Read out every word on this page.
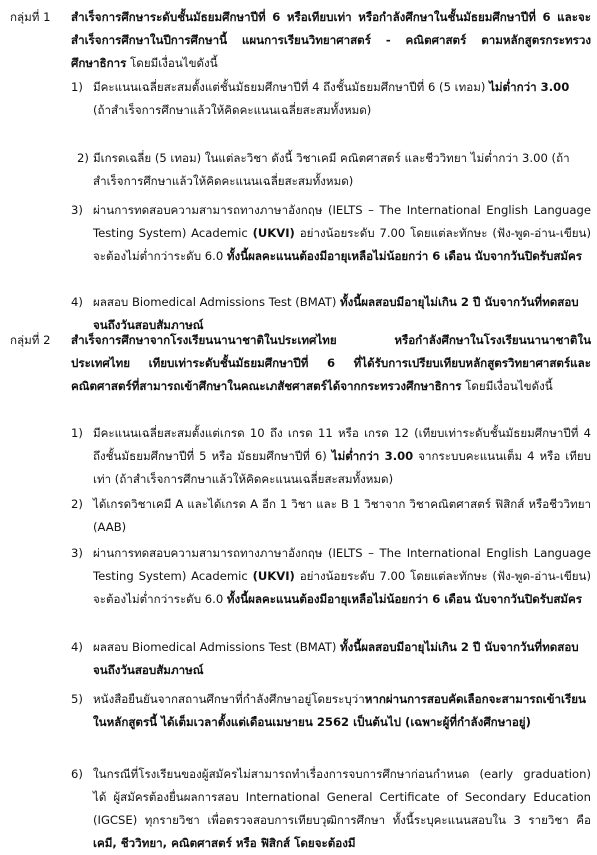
กลุ่มที่ 1	สำเร็จการศึกษาระดับชั้นมัธยมศึกษาปีที่ 6 หรือเทียบเท่า หรือกำลังศึกษาในชั้นมัธยมศึกษาปีที่ 6 และจะสำเร็จการศึกษาในปีการศึกษานี้ แผนการเรียนวิทยาศาสตร์ - คณิตศาสตร์ ตามหลักสูตรกระทรวงศึกษาธิการ โดยมีเงื่อนไขดังนี้
1) มีคะแนนเฉลี่ยสะสมตั้งแต่ชั้นมัธยมศึกษาปีที่ 4 ถึงชั้นมัธยมศึกษาปีที่ 6 (5 เทอม) ไม่ต่ำกว่า 3.00
(ถ้าสำเร็จการศึกษาแล้วให้คิดคะแนนเฉลี่ยสะสมทั้งหมด)
2) มีเกรดเฉลี่ย (5 เทอม) ในแต่ละวิชา ดังนี้ วิชาเคมี คณิตศาสตร์ และชีววิทยา ไม่ต่ำกว่า 3.00 (ถ้าสำเร็จการศึกษาแล้วให้คิดคะแนนเฉลี่ยสะสมทั้งหมด)
3) ผ่านการทดสอบความสามารถทางภาษาอังกฤษ (IELTS – The International English Language Testing System) Academic (UKVI) อย่างน้อยระดับ 7.00 โดยแต่ละทักษะ (ฟัง-พูด-อ่าน-เขียน) จะต้องไม่ต่ำกว่าระดับ 6.0 ทั้งนี้ผลคะแนนต้องมีอายุเหลือไม่น้อยกว่า 6 เดือน นับจากวันปิดรับสมัคร
4) ผลสอบ Biomedical Admissions Test (BMAT) ทั้งนี้ผลสอบมีอายุไม่เกิน 2 ปี นับจากวันที่ทดสอบจนถึงวันสอบสัมภาษณ์
กลุ่มที่ 2	สำเร็จการศึกษาจากโรงเรียนนานาชาติในประเทศไทย หรือกำลังศึกษาในโรงเรียนนานาชาติในประเทศไทย เทียบเท่าระดับชั้นมัธยมศึกษาปีที่ 6 ที่ได้รับการเปรียบเทียบหลักสูตรวิทยาศาสตร์และคณิตศาสตร์ที่สามารถเข้าศึกษาในคณะเภสัชศาสตร์ได้จากกระทรวงศึกษาธิการ โดยมีเงื่อนไขดังนี้
1) มีคะแนนเฉลี่ยสะสมตั้งแต่เกรด 10 ถึง เกรด 11 หรือ เกรด 12 (เทียบเท่าระดับชั้นมัธยมศึกษาปีที่ 4 ถึงชั้นมัธยมศึกษาปีที่ 5 หรือ มัธยมศึกษาปีที่ 6) ไม่ต่ำกว่า 3.00 จากระบบคะแนนเต็ม 4 หรือ เทียบเท่า (ถ้าสำเร็จการศึกษาแล้วให้คิดคะแนนเฉลี่ยสะสมทั้งหมด)
2) ได้เกรดวิชาเคมี A และได้เกรด A อีก 1 วิชา และ B 1 วิชาจาก วิชาคณิตศาสตร์ ฟิสิกส์ หรือชีววิทยา (AAB)
3) ผ่านการทดสอบความสามารถทางภาษาอังกฤษ (IELTS – The International English Language Testing System) Academic (UKVI) อย่างน้อยระดับ 7.00 โดยแต่ละทักษะ (ฟัง-พูด-อ่าน-เขียน) จะต้องไม่ต่ำกว่าระดับ 6.0 ทั้งนี้ผลคะแนนต้องมีอายุเหลือไม่น้อยกว่า 6 เดือน นับจากวันปิดรับสมัคร
4) ผลสอบ Biomedical Admissions Test (BMAT) ทั้งนี้ผลสอบมีอายุไม่เกิน 2 ปี นับจากวันที่ทดสอบจนถึงวันสอบสัมภาษณ์
5) หนังสือยืนยันจากสถานศึกษาที่กำลังศึกษาอยู่โดยระบุว่าหากผ่านการสอบคัดเลือกจะสามารถเข้าเรียนในหลักสูตรนี้ ได้เต็มเวลาตั้งแต่เดือนเมษายน 2562 เป็นต้นไป (เฉพาะผู้ที่กำลังศึกษาอยู่)
6) ในกรณีที่โรงเรียนของผู้สมัครไม่สามารถทำเรื่องการจบการศึกษาก่อนกำหนด (early graduation) ได้ ผู้สมัครต้องยื่นผลการสอบ International General Certificate of Secondary Education (IGCSE) ทุกรายวิชา เพื่อตรวจสอบการเทียบวุฒิการศึกษา ทั้งนี้ระบุคะแนนสอบใน 3 รายวิชา คือ เคมี, ชีววิทยา, คณิตศาสตร์ หรือ ฟิสิกส์ โดยจะต้องมี
